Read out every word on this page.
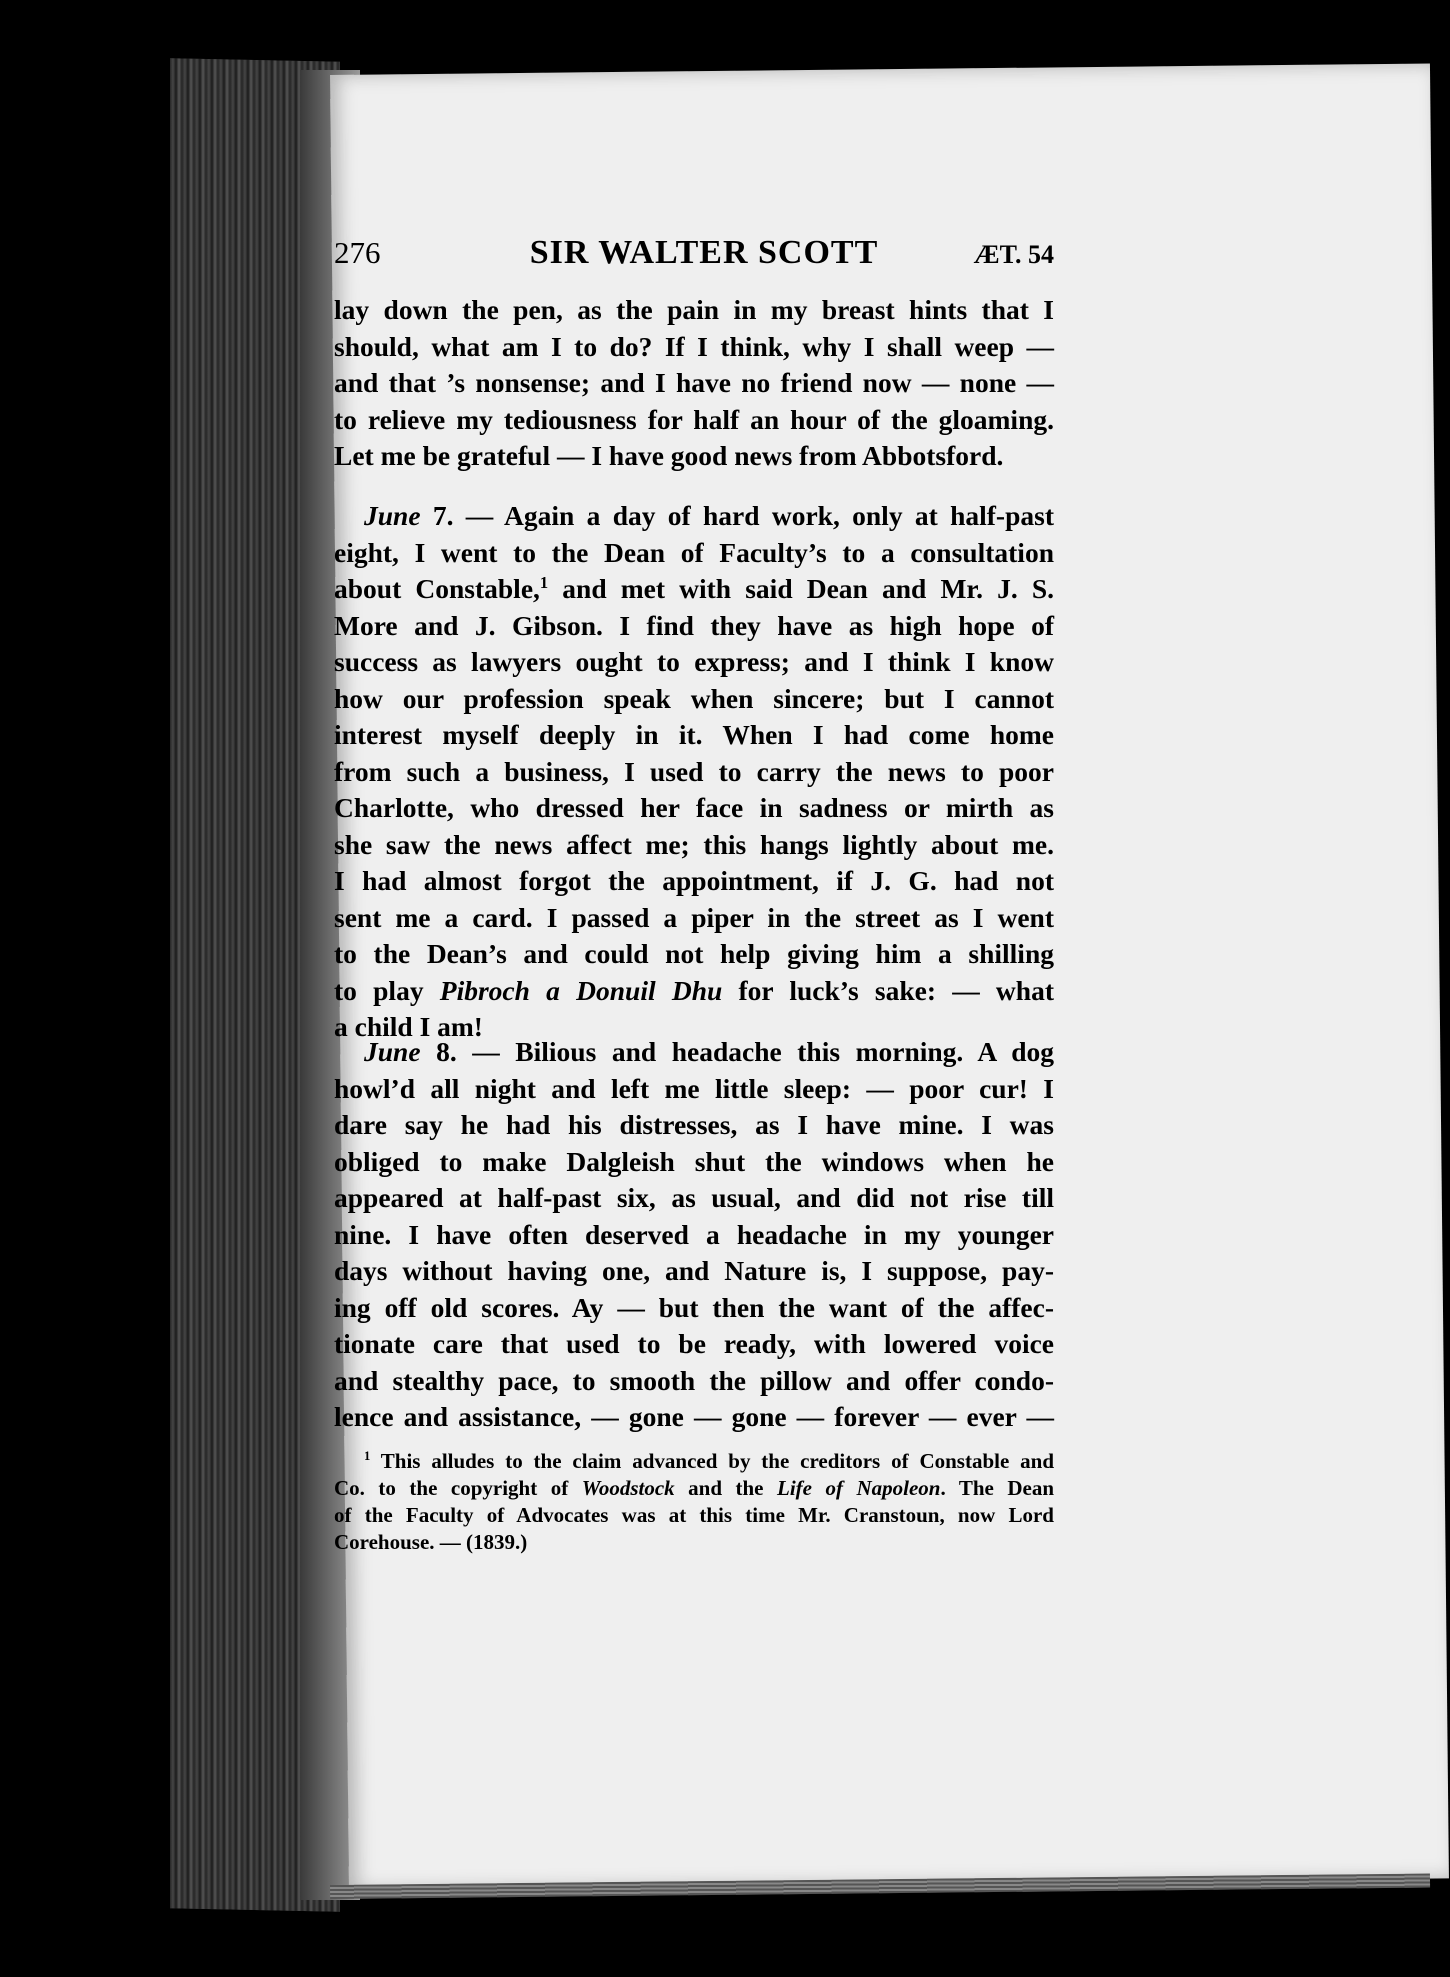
276	SIR WALTER SCOTT	ÆT. 54
lay down the pen, as the pain in my breast hints that I
should, what am I to do? If I think, why I shall weep —
and that ’s nonsense; and I have no friend now — none —
to relieve my tediousness for half an hour of the gloaming.
Let me be grateful — I have good news from Abbotsford.
June 7. — Again a day of hard work, only at half-past
eight, I went to the Dean of Faculty’s to a consultation
about Constable,$^1$ and met with said Dean and Mr. J. S.
More and J. Gibson. I find they have as high hope of
success as lawyers ought to express; and I think I know
how our profession speak when sincere; but I cannot
interest myself deeply in it. When I had come home
from such a business, I used to carry the news to poor
Charlotte, who dressed her face in sadness or mirth as
she saw the news affect me; this hangs lightly about me.
I had almost forgot the appointment, if J. G. had not
sent me a card. I passed a piper in the street as I went
to the Dean’s and could not help giving him a shilling
to play Pibroch a Donuil Dhu for luck’s sake: — what
a child I am!
June 8. — Bilious and headache this morning. A dog
howl’d all night and left me little sleep: — poor cur! I
dare say he had his distresses, as I have mine. I was
obliged to make Dalgleish shut the windows when he
appeared at half-past six, as usual, and did not rise till
nine. I have often deserved a headache in my younger
days without having one, and Nature is, I suppose, pay-
ing off old scores. Ay — but then the want of the affec-
tionate care that used to be ready, with lowered voice
and stealthy pace, to smooth the pillow and offer condo-
lence and assistance, — gone — gone — forever — ever —
$^1$ This alludes to the claim advanced by the creditors of Constable and
Co. to the copyright of Woodstock and the Life of Napoleon. The Dean
of the Faculty of Advocates was at this time Mr. Cranstoun, now Lord
Corehouse. — (1839.)
